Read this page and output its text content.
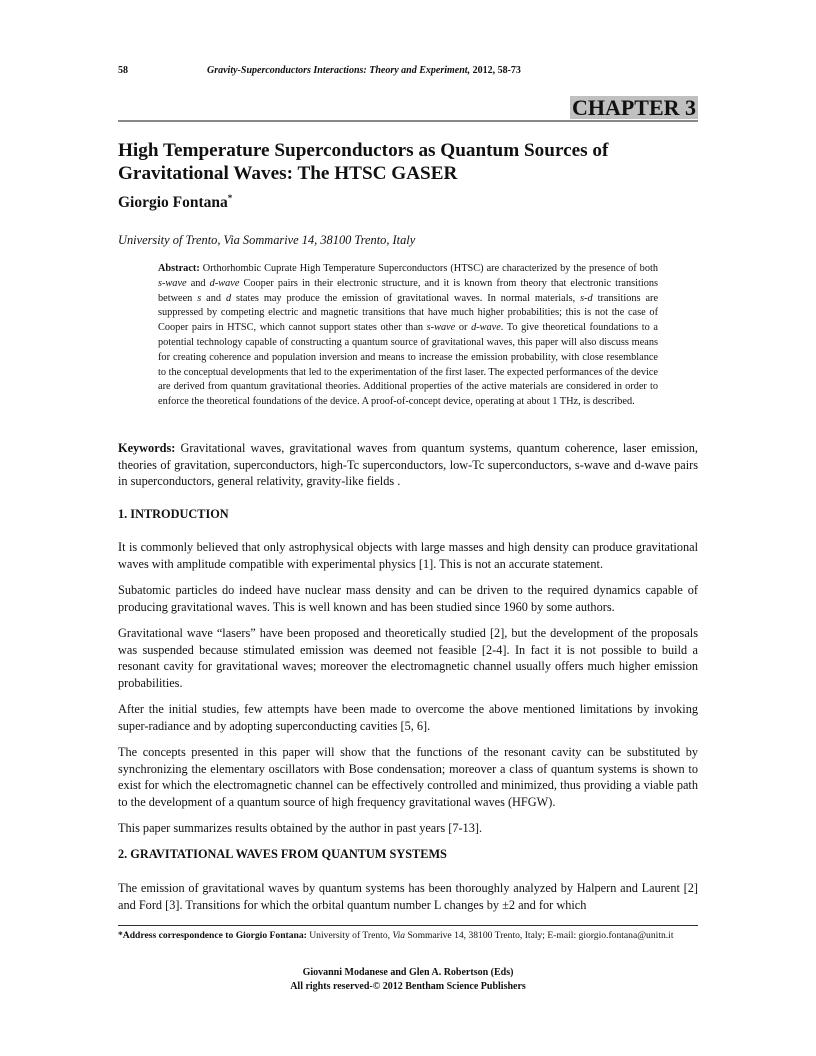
58	Gravity-Superconductors Interactions: Theory and Experiment, 2012, 58-73
CHAPTER 3
High Temperature Superconductors as Quantum Sources of Gravitational Waves: The HTSC GASER
Giorgio Fontana*
University of Trento, Via Sommarive 14, 38100 Trento, Italy
Abstract: Orthorhombic Cuprate High Temperature Superconductors (HTSC) are characterized by the presence of both s-wave and d-wave Cooper pairs in their electronic structure, and it is known from theory that electronic transitions between s and d states may produce the emission of gravitational waves. In normal materials, s-d transitions are suppressed by competing electric and magnetic transitions that have much higher probabilities; this is not the case of Cooper pairs in HTSC, which cannot support states other than s-wave or d-wave. To give theoretical foundations to a potential technology capable of constructing a quantum source of gravitational waves, this paper will also discuss means for creating coherence and population inversion and means to increase the emission probability, with close resemblance to the conceptual developments that led to the experimentation of the first laser. The expected performances of the device are derived from quantum gravitational theories. Additional properties of the active materials are considered in order to enforce the theoretical foundations of the device. A proof-of-concept device, operating at about 1 THz, is described.
Keywords: Gravitational waves, gravitational waves from quantum systems, quantum coherence, laser emission, theories of gravitation, superconductors, high-Tc superconductors, low-Tc superconductors, s-wave and d-wave pairs in superconductors, general relativity, gravity-like fields .
1. INTRODUCTION

It is commonly believed that only astrophysical objects with large masses and high density can produce gravitational waves with amplitude compatible with experimental physics [1]. This is not an accurate statement.

Subatomic particles do indeed have nuclear mass density and can be driven to the required dynamics capable of producing gravitational waves. This is well known and has been studied since 1960 by some authors.

Gravitational wave “lasers” have been proposed and theoretically studied [2], but the development of the proposals was suspended because stimulated emission was deemed not feasible [2-4]. In fact it is not possible to build a resonant cavity for gravitational waves; moreover the electromagnetic channel usually offers much higher emission probabilities.

After the initial studies, few attempts have been made to overcome the above mentioned limitations by invoking super-radiance and by adopting superconducting cavities [5, 6].

The concepts presented in this paper will show that the functions of the resonant cavity can be substituted by synchronizing the elementary oscillators with Bose condensation; moreover a class of quantum systems is shown to exist for which the electromagnetic channel can be effectively controlled and minimized, thus providing a viable path to the development of a quantum source of high frequency gravitational waves (HFGW).

This paper summarizes results obtained by the author in past years [7-13].

2. GRAVITATIONAL WAVES FROM QUANTUM SYSTEMS

The emission of gravitational waves by quantum systems has been thoroughly analyzed by Halpern and Laurent [2] and Ford [3]. Transitions for which the orbital quantum number L changes by ±2 and for which

*Address correspondence to Giorgio Fontana: University of Trento, Via Sommarive 14, 38100 Trento, Italy; E-mail: giorgio.fontana@unitn.it
Giovanni Modanese and Glen A. Robertson (Eds)
All rights reserved-© 2012 Bentham Science Publishers
